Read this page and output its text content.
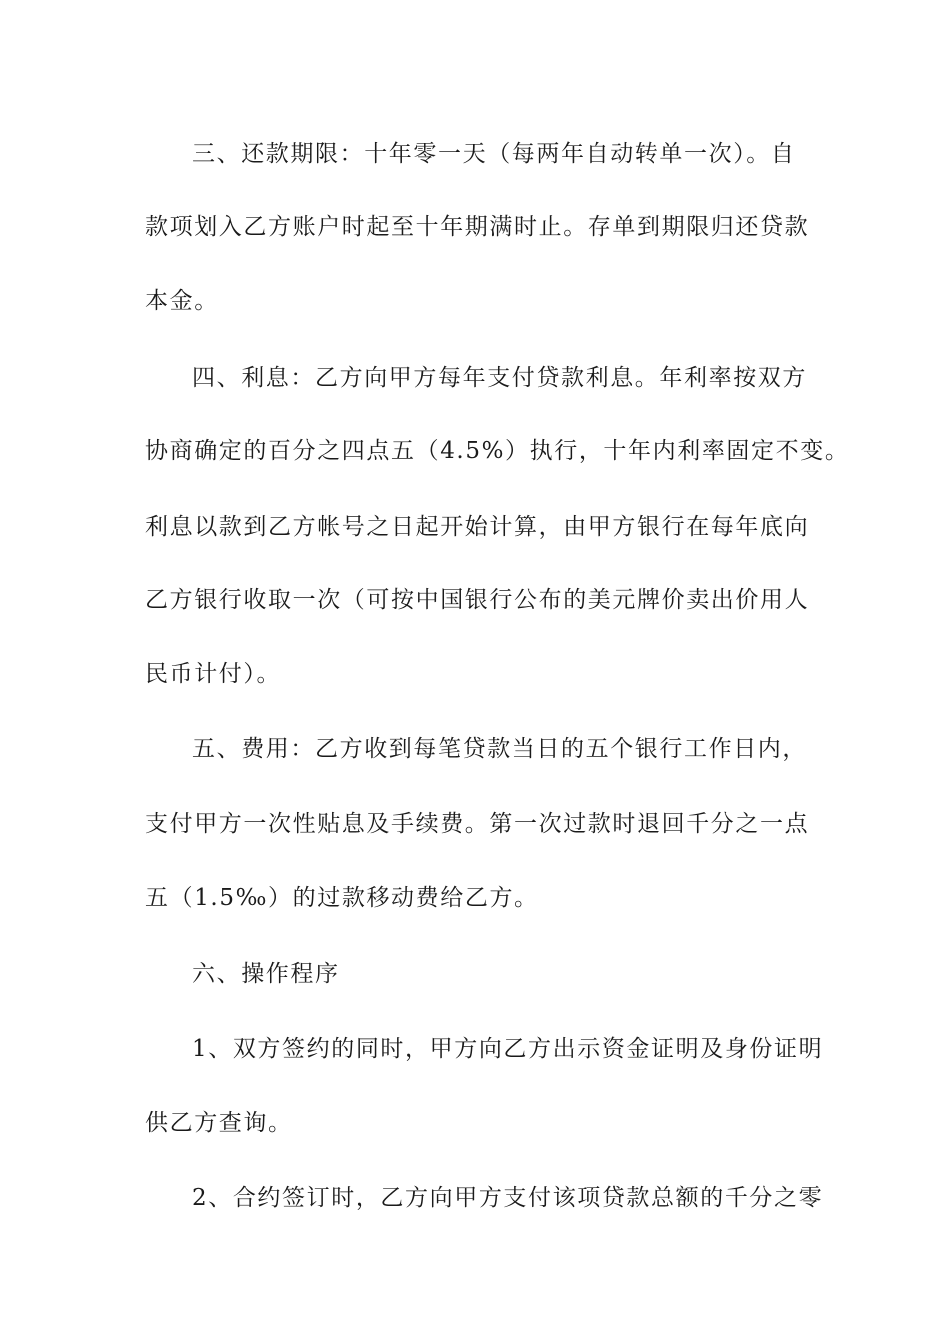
三、还款期限：十年零一天（每两年自动转单一次）。自
款项划入乙方账户时起至十年期满时止。存单到期限归还贷款
本金。
四、利息：乙方向甲方每年支付贷款利息。年利率按双方
协商确定的百分之四点五（4.5%）执行，十年内利率固定不变。
利息以款到乙方帐号之日起开始计算，由甲方银行在每年底向
乙方银行收取一次（可按中国银行公布的美元牌价卖出价用人
民币计付）。
五、费用：乙方收到每笔贷款当日的五个银行工作日内，
支付甲方一次性贴息及手续费。第一次过款时退回千分之一点
五（1.5‰）的过款移动费给乙方。
六、操作程序
1、双方签约的同时，甲方向乙方出示资金证明及身份证明
供乙方查询。
2、合约签订时，乙方向甲方支付该项贷款总额的千分之零
